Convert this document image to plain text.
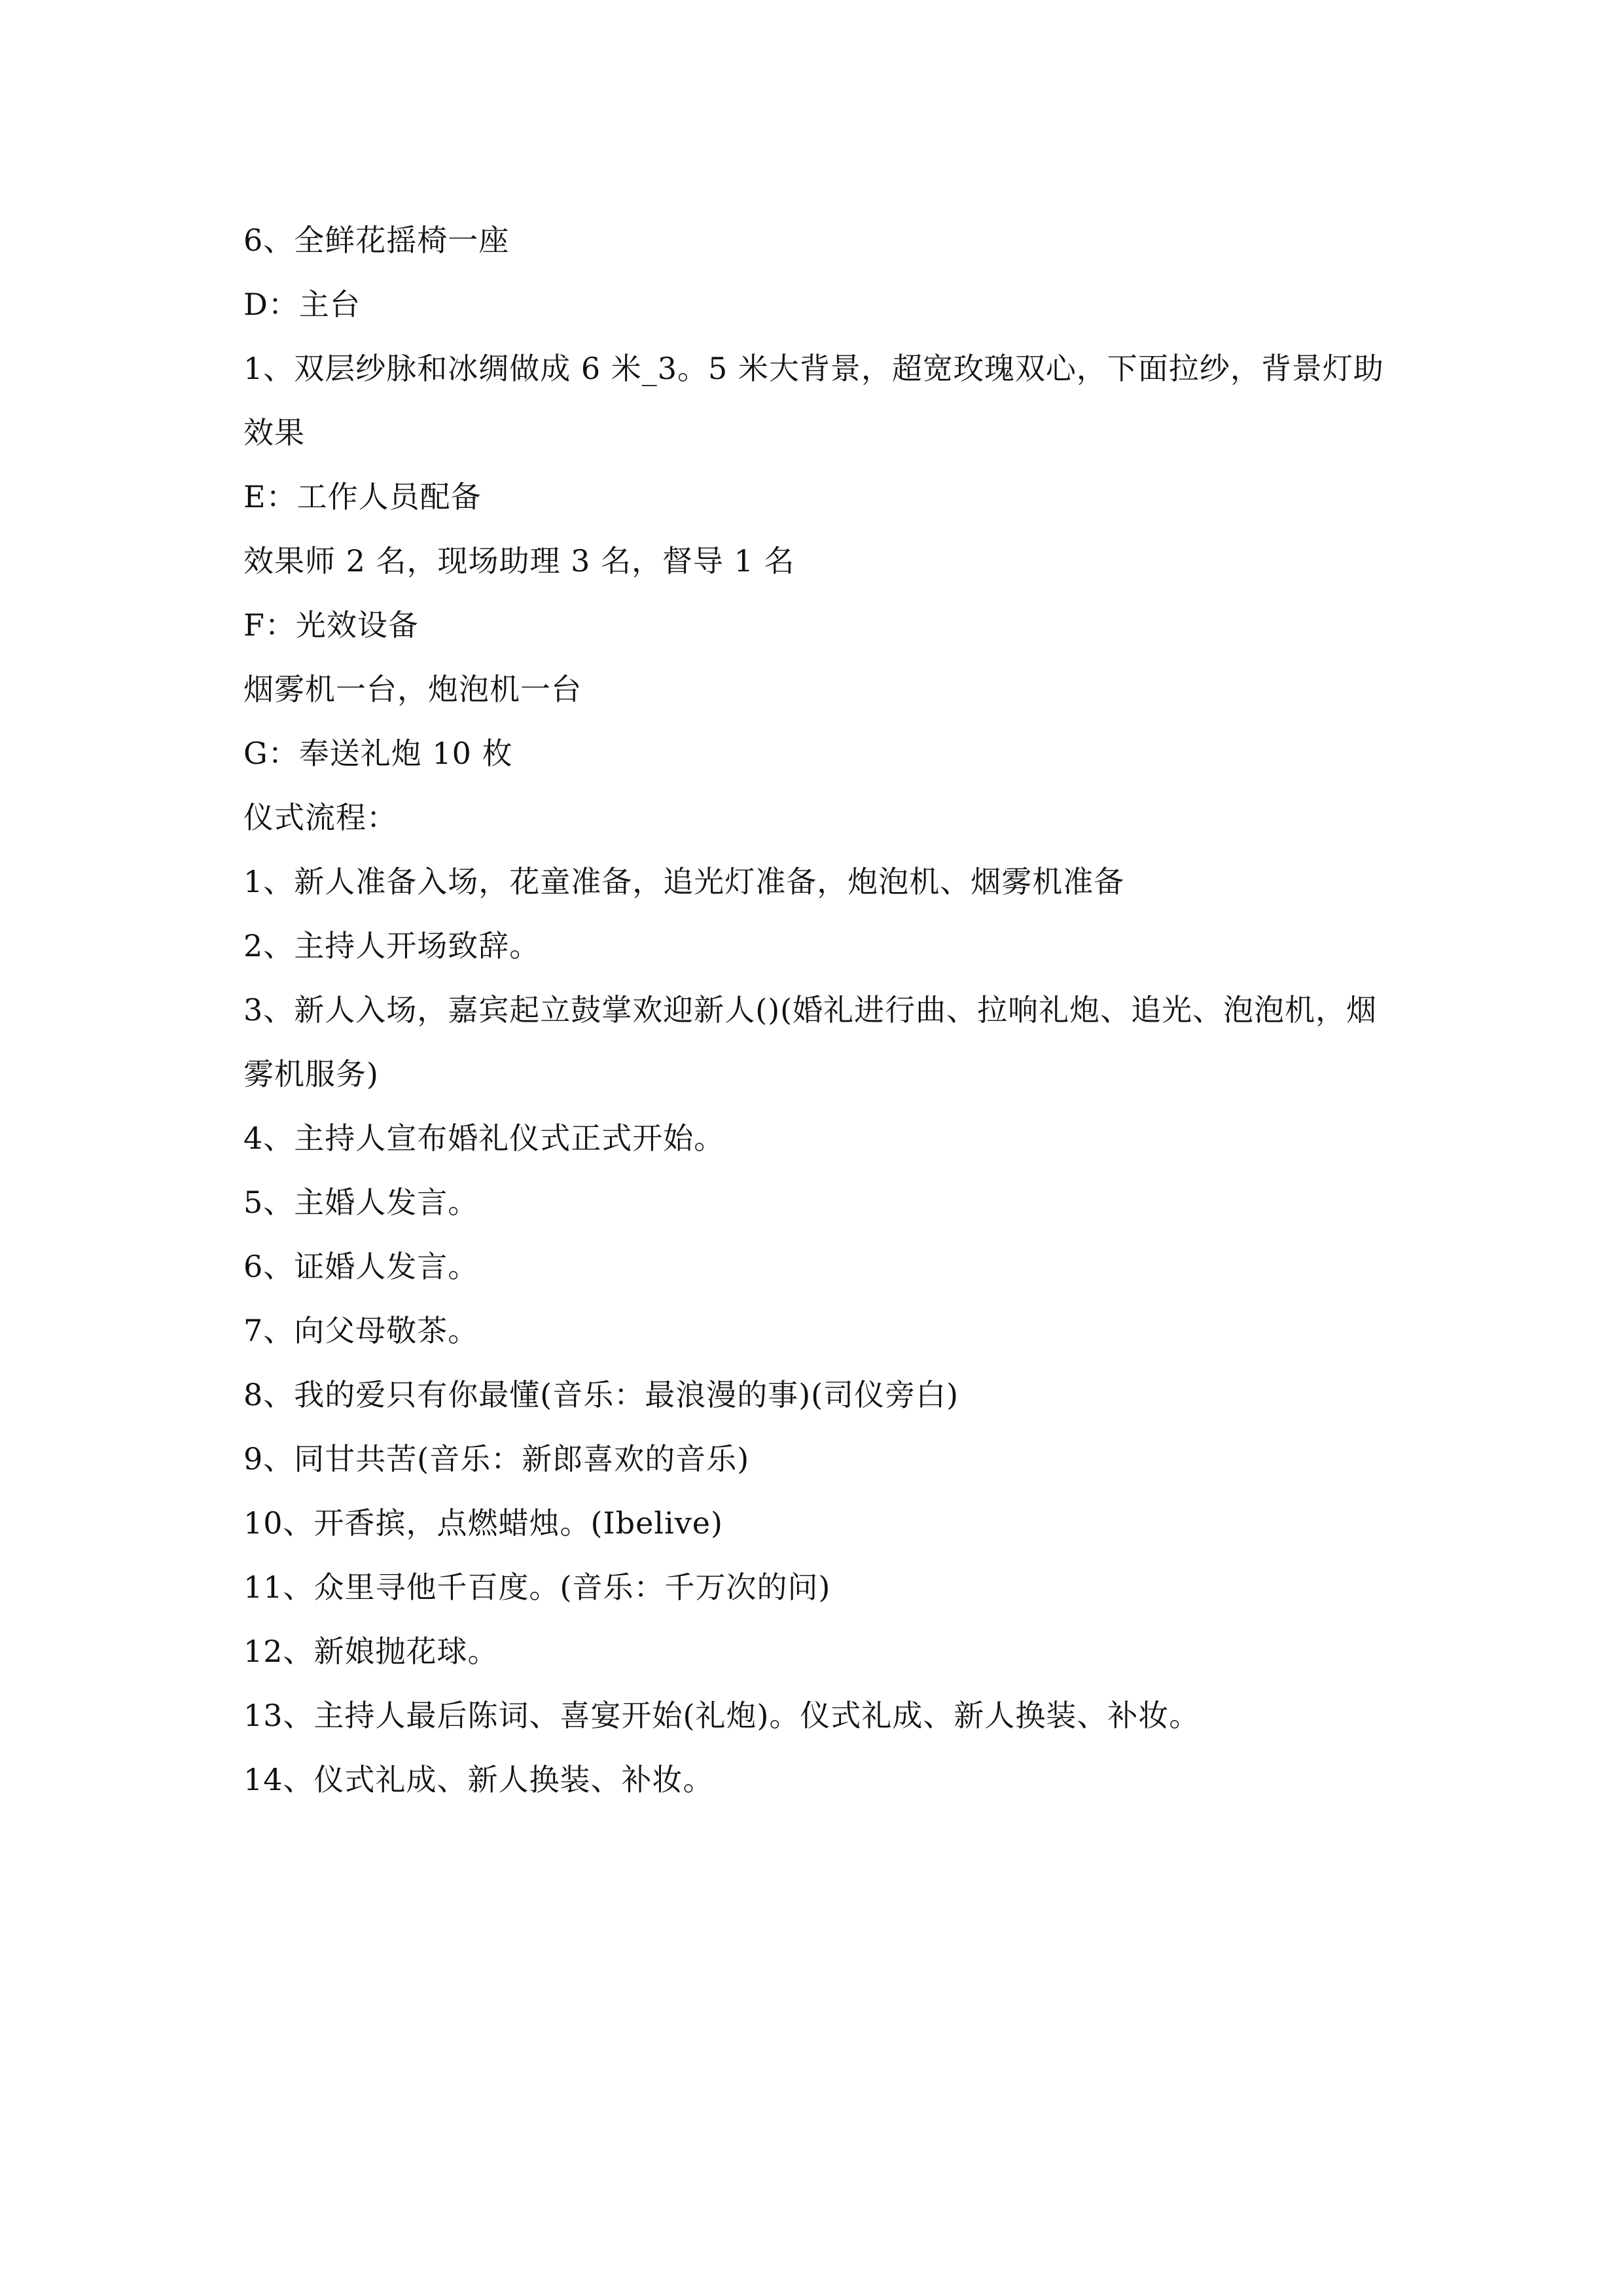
6、全鲜花摇椅一座

D：主台

1、双层纱脉和冰绸做成 6 米_3。5 米大背景，超宽玫瑰双心，下面拉纱，背景灯助效果

E：工作人员配备

效果师 2 名，现场助理 3 名，督导 1 名

F：光效设备

烟雾机一台，炮泡机一台

G：奉送礼炮 10 枚

仪式流程：

1、新人准备入场，花童准备，追光灯准备，炮泡机、烟雾机准备

2、主持人开场致辞。

3、新人入场，嘉宾起立鼓掌欢迎新人()(婚礼进行曲、拉响礼炮、追光、泡泡机，烟雾机服务)

4、主持人宣布婚礼仪式正式开始。

5、主婚人发言。

6、证婚人发言。

7、向父母敬茶。

8、我的爱只有你最懂(音乐：最浪漫的事)(司仪旁白)

9、同甘共苦(音乐：新郎喜欢的音乐)

10、开香摈，点燃蜡烛。(Ibelive)

11、众里寻他千百度。(音乐：千万次的问)

12、新娘抛花球。

13、主持人最后陈词、喜宴开始(礼炮)。仪式礼成、新人换装、补妆。

14、仪式礼成、新人换装、补妆。
